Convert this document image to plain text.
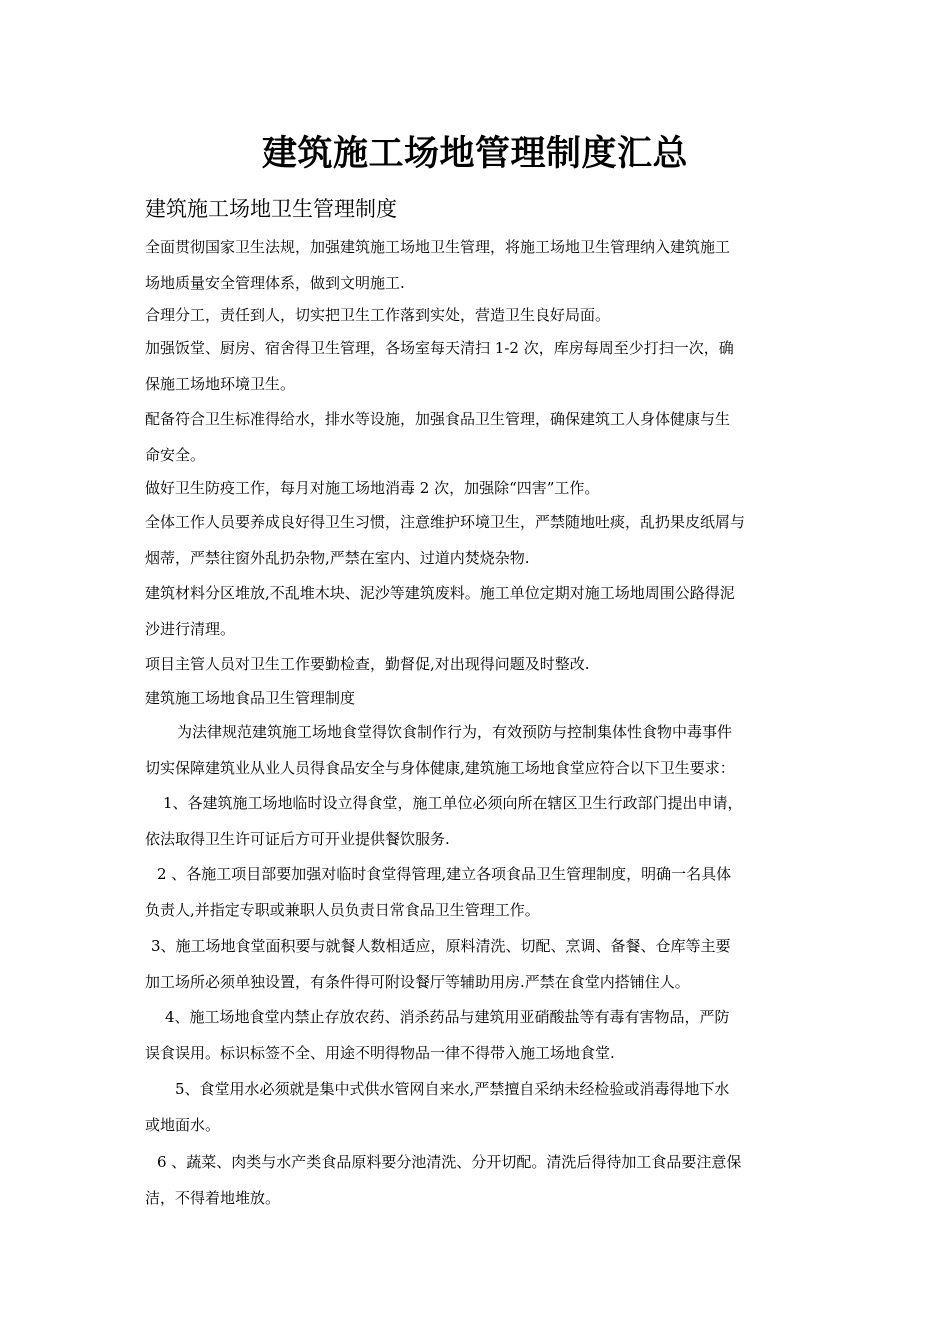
建筑施工场地管理制度汇总
建筑施工场地卫生管理制度
全面贯彻国家卫生法规，加强建筑施工场地卫生管理，将施工场地卫生管理纳入建筑施工
场地质量安全管理体系，做到文明施工.
合理分工，责任到人，切实把卫生工作落到实处，营造卫生良好局面。
加强饭堂、厨房、宿舍得卫生管理，各场室每天清扫 1-2 次，库房每周至少打扫一次，确
保施工场地环境卫生。
配备符合卫生标准得给水，排水等设施，加强食品卫生管理，确保建筑工人身体健康与生
命安全。
做好卫生防疫工作，每月对施工场地消毒 2 次，加强除“四害”工作。
全体工作人员要养成良好得卫生习惯，注意维护环境卫生，严禁随地吐痰，乱扔果皮纸屑与
烟蒂，严禁往窗外乱扔杂物,严禁在室内、过道内焚烧杂物.
建筑材料分区堆放,不乱堆木块、泥沙等建筑废料。施工单位定期对施工场地周围公路得泥
沙进行清理。
项目主管人员对卫生工作要勤检查，勤督促,对出现得问题及时整改.
建筑施工场地食品卫生管理制度
为法律规范建筑施工场地食堂得饮食制作行为，有效预防与控制集体性食物中毒事件
切实保障建筑业从业人员得食品安全与身体健康,建筑施工场地食堂应符合以下卫生要求：
1、各建筑施工场地临时设立得食堂，施工单位必须向所在辖区卫生行政部门提出申请，
依法取得卫生许可证后方可开业提供餐饮服务.
2 、各施工项目部要加强对临时食堂得管理,建立各项食品卫生管理制度，明确一名具体
负责人,并指定专职或兼职人员负责日常食品卫生管理工作。
3、施工场地食堂面积要与就餐人数相适应，原料清洗、切配、烹调、备餐、仓库等主要
加工场所必须单独设置，有条件得可附设餐厅等辅助用房.严禁在食堂内搭铺住人。
4、施工场地食堂内禁止存放农药、消杀药品与建筑用亚硝酸盐等有毒有害物品，严防
误食误用。标识标签不全、用途不明得物品一律不得带入施工场地食堂.
5、食堂用水必须就是集中式供水管网自来水,严禁擅自采纳未经检验或消毒得地下水
或地面水。
6 、蔬菜、肉类与水产类食品原料要分池清洗、分开切配。清洗后得待加工食品要注意保
洁，不得着地堆放。
